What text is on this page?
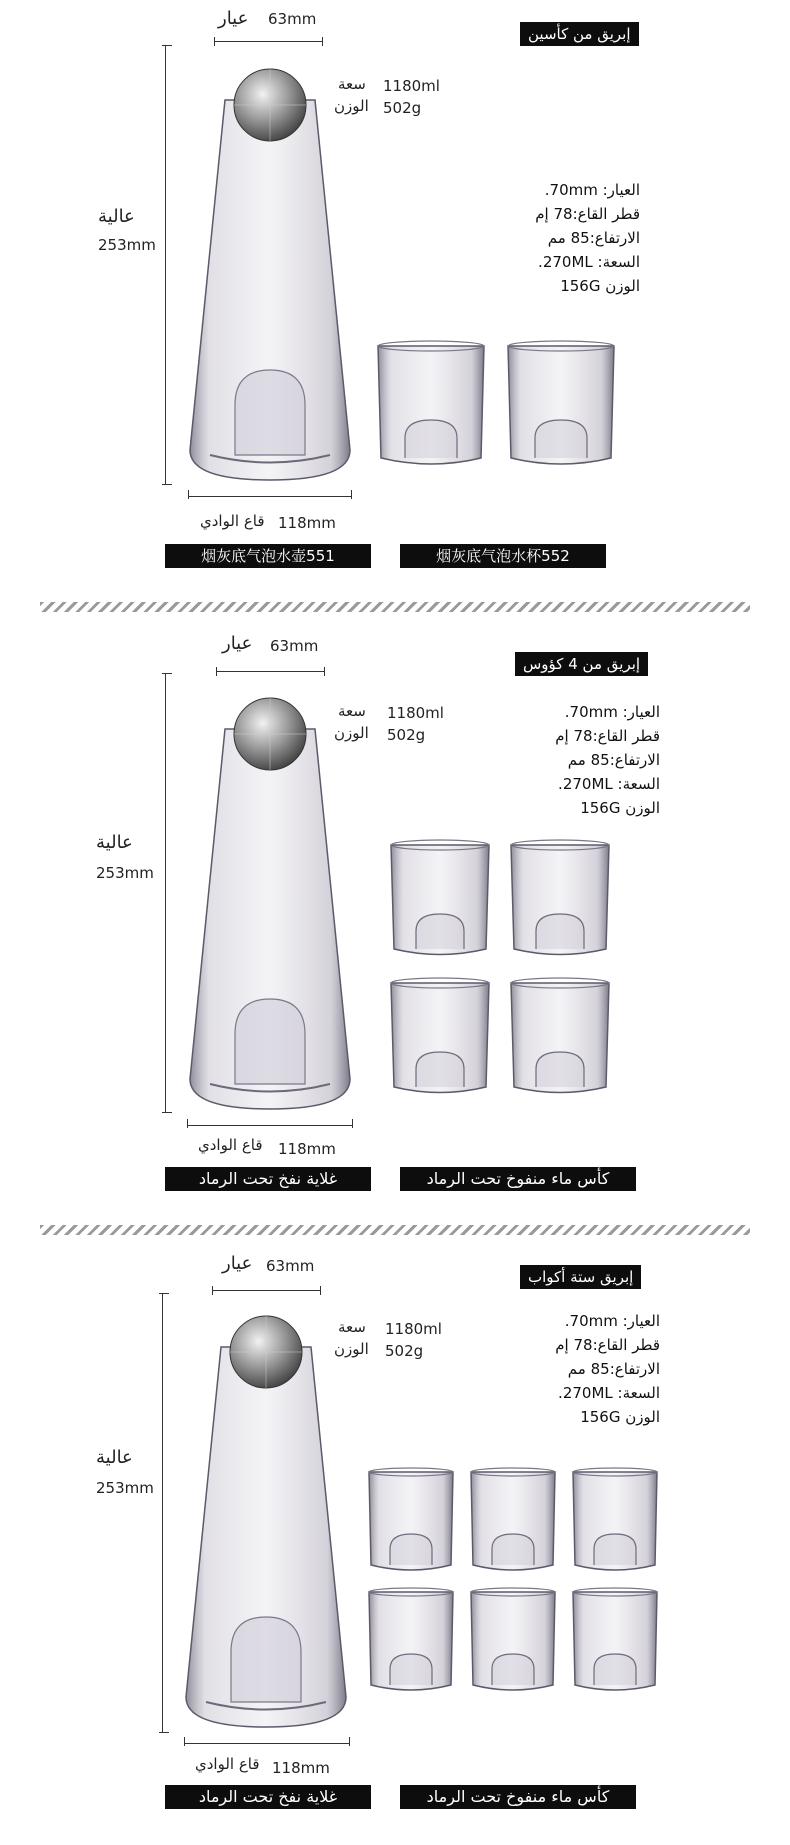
إبريق من كأسين
عيار 63mm
سعة 1180ml
الوزن 502g
عالية
253mm
قاع الوادي 118mm
العيار: 70mm.
قطر القاع:78 إم
الارتفاع:85 مم
السعة: 270ML.
الوزن 156G
烟灰底气泡水壶551	烟灰底气泡水杯552
إبريق من 4 كؤوس
عيار 63mm
سعة 1180ml
الوزن 502g
عالية
253mm
قاع الوادي 118mm
العيار: 70mm.
قطر القاع:78 إم
الارتفاع:85 مم
السعة: 270ML.
الوزن 156G
غلاية نفخ تحت الرماد	كأس ماء منفوخ تحت الرماد
إبريق ستة أكواب
عيار 63mm
سعة 1180ml
الوزن 502g
عالية
253mm
قاع الوادي 118mm
العيار: 70mm.
قطر القاع:78 إم
الارتفاع:85 مم
السعة: 270ML.
الوزن 156G
غلاية نفخ تحت الرماد	كأس ماء منفوخ تحت الرماد
